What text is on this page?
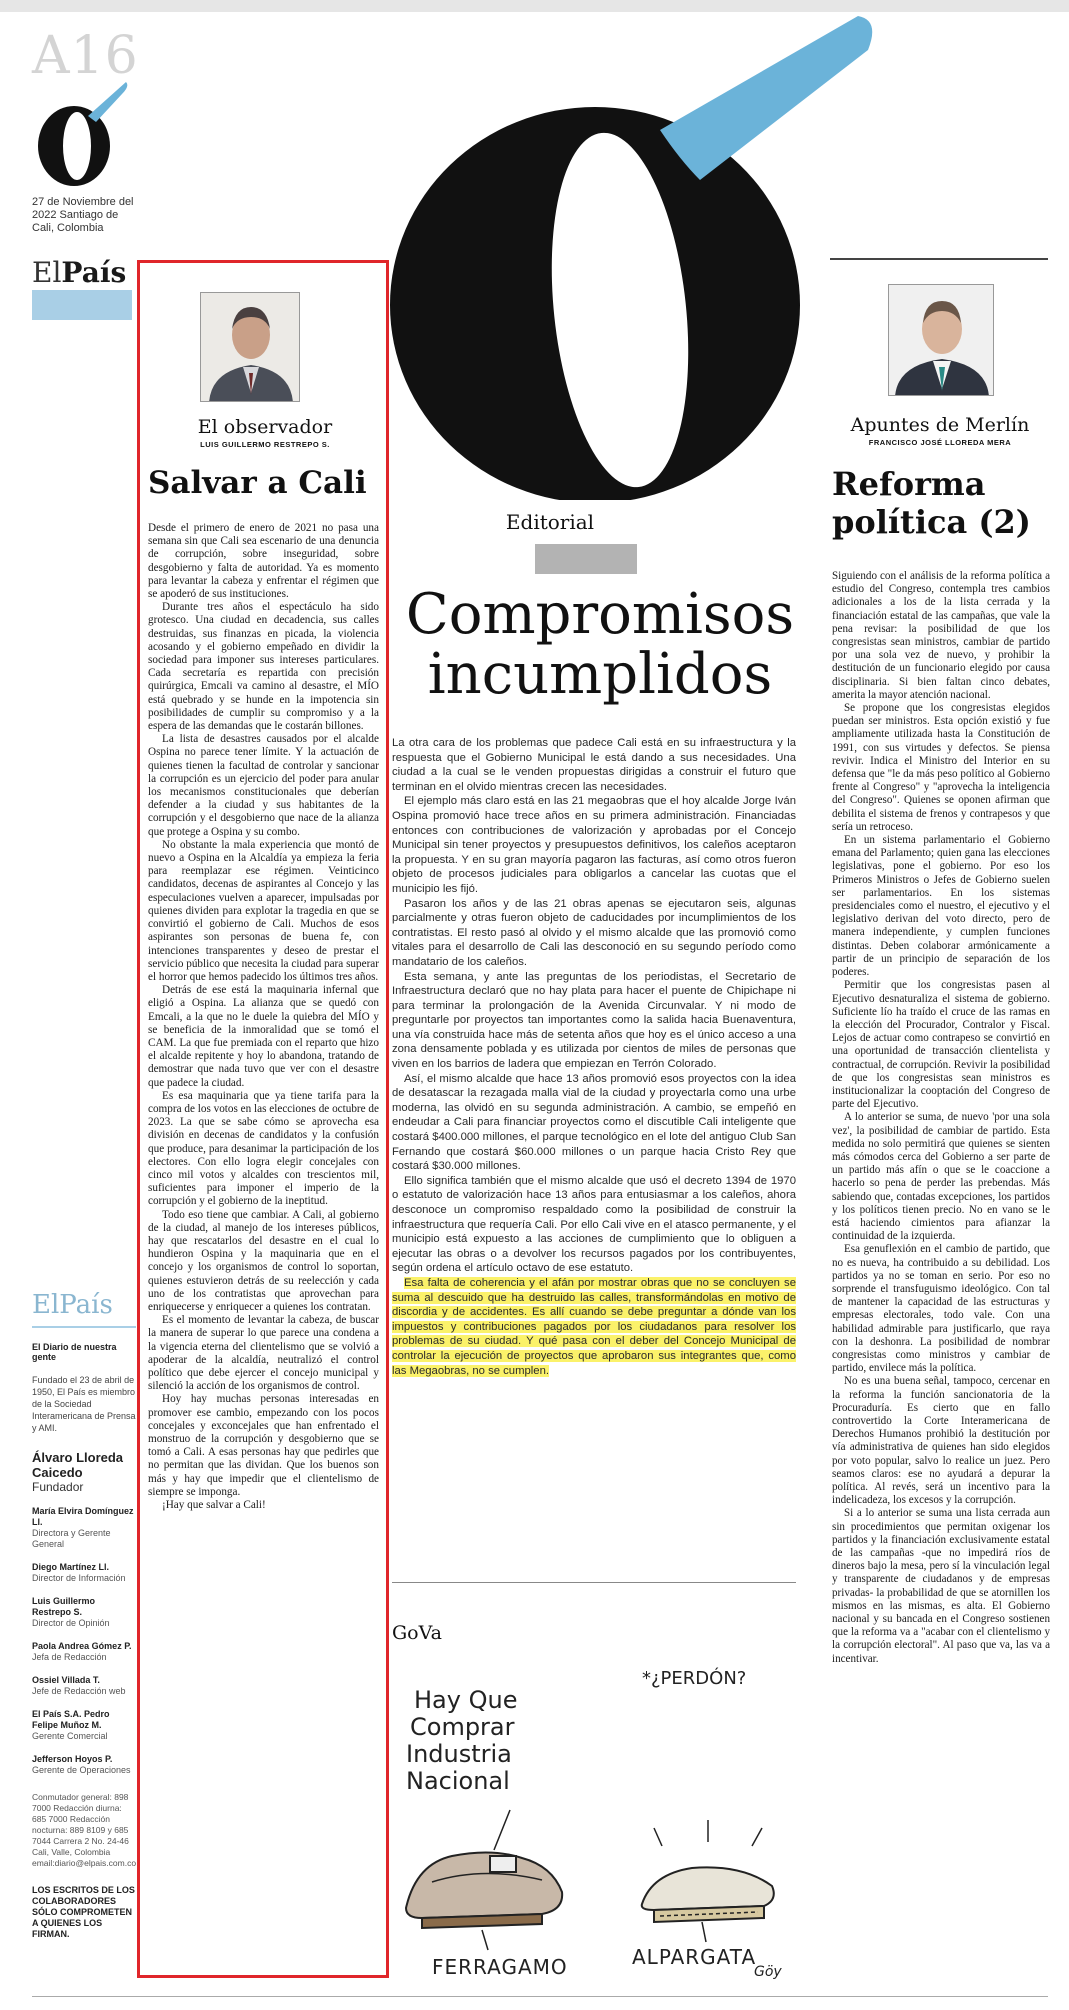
A16
27 de Noviembre del 2022 Santiago de Cali, Colombia
ElPaís
ElPaís
El Diario de nuestra gente
Fundado el 23 de abril de 1950, El País es miembro de la Sociedad Interamericana de Prensa y AMI.
Álvaro Lloreda Caicedo
Fundador
María Elvira Domínguez Ll.
Directora y Gerente General
Diego Martínez Ll.
Director de Información
Luis Guillermo Restrepo S.
Director de Opinión
Paola Andrea Gómez P.
Jefa de Redacción
Ossiel Villada T.
Jefe de Redacción web
El País S.A. Pedro Felipe Muñoz M.
Gerente Comercial
Jefferson Hoyos P.
Gerente de Operaciones
Conmutador general: 898 7000 Redacción diurna: 685 7000 Redacción nocturna: 889 8109 y 685 7044 Carrera 2 No. 24-46 Cali, Valle, Colombia email:diario@elpais.com.co
LOS ESCRITOS DE LOS COLABORADORES SÓLO COMPROMETEN A QUIENES LOS FIRMAN.
El observador
LUIS GUILLERMO RESTREPO S.
Salvar a Cali

Desde el primero de enero de 2021 no pasa una semana sin que Cali sea escenario de una denuncia de corrupción, sobre inseguridad, sobre desgobierno y falta de autoridad. Ya es momento para levantar la cabeza y enfrentar el régimen que se apoderó de sus instituciones.

Durante tres años el espectáculo ha sido grotesco. Una ciudad en decadencia, sus calles destruidas, sus finanzas en picada, la violencia acosando y el gobierno empeñado en dividir la sociedad para imponer sus intereses particulares. Cada secretaría es repartida con precisión quirúrgica, Emcali va camino al desastre, el MÍO está quebrado y se hunde en la impotencia sin posibilidades de cumplir su compromiso y a la espera de las demandas que le costarán billones.

La lista de desastres causados por el alcalde Ospina no parece tener límite. Y la actuación de quienes tienen la facultad de controlar y sancionar la corrupción es un ejercicio del poder para anular los mecanismos constitucionales que deberían defender a la ciudad y sus habitantes de la corrupción y el desgobierno que nace de la alianza que protege a Ospina y su combo.

No obstante la mala experiencia que montó de nuevo a Ospina en la Alcaldía ya empieza la feria para reemplazar ese régimen. Veinticinco candidatos, decenas de aspirantes al Concejo y las especulaciones vuelven a aparecer, impulsadas por quienes dividen para explotar la tragedia en que se convirtió el gobierno de Cali. Muchos de esos aspirantes son personas de buena fe, con intenciones transparentes y deseo de prestar el servicio público que necesita la ciudad para superar el horror que hemos padecido los últimos tres años.

Detrás de ese está la maquinaria infernal que eligió a Ospina. La alianza que se quedó con Emcali, a la que no le duele la quiebra del MÍO y se beneficia de la inmoralidad que se tomó el CAM. La que fue premiada con el reparto que hizo el alcalde repitente y hoy lo abandona, tratando de demostrar que nada tuvo que ver con el desastre que padece la ciudad.

Es esa maquinaria que ya tiene tarifa para la compra de los votos en las elecciones de octubre de 2023. La que se sabe cómo se aprovecha esa división en decenas de candidatos y la confusión que produce, para desanimar la participación de los electores. Con ello logra elegir concejales con cinco mil votos y alcaldes con trescientos mil, suficientes para imponer el imperio de la corrupción y el gobierno de la ineptitud.

Todo eso tiene que cambiar. A Cali, al gobierno de la ciudad, al manejo de los intereses públicos, hay que rescatarlos del desastre en el cual lo hundieron Ospina y la maquinaria que en el concejo y los organismos de control lo soportan, quienes estuvieron detrás de su reelección y cada uno de los contratistas que aprovechan para enriquecerse y enriquecer a quienes los contratan.

Es el momento de levantar la cabeza, de buscar la manera de superar lo que parece una condena a la vigencia eterna del clientelismo que se volvió a apoderar de la alcaldía, neutralizó el control político que debe ejercer el concejo municipal y silenció la acción de los organismos de control.

Hoy hay muchas personas interesadas en promover ese cambio, empezando con los pocos concejales y exconcejales que han enfrentado el monstruo de la corrupción y desgobierno que se tomó a Cali. A esas personas hay que pedirles que no permitan que las dividan. Que los buenos son más y hay que impedir que el clientelismo de siempre se imponga.

¡Hay que salvar a Cali!

Editorial
Compromisos
incumplidos

La otra cara de los problemas que padece Cali está en su infraestructura y la respuesta que el Gobierno Municipal le está dando a sus necesidades. Una ciudad a la cual se le venden propuestas dirigidas a construir el futuro que terminan en el olvido mientras crecen las necesidades.

El ejemplo más claro está en las 21 megaobras que el hoy alcalde Jorge Iván Ospina promovió hace trece años en su primera administración. Financiadas entonces con contribuciones de valorización y aprobadas por el Concejo Municipal sin tener proyectos y presupuestos definitivos, los caleños aceptaron la propuesta. Y en su gran mayoría pagaron las facturas, así como otros fueron objeto de procesos judiciales para obligarlos a cancelar las cuotas que el municipio les fijó.

Pasaron los años y de las 21 obras apenas se ejecutaron seis, algunas parcialmente y otras fueron objeto de caducidades por incumplimientos de los contratistas. El resto pasó al olvido y el mismo alcalde que las promovió como vitales para el desarrollo de Cali las desconoció en su segundo período como mandatario de los caleños.

Esta semana, y ante las preguntas de los periodistas, el Secretario de Infraestructura declaró que no hay plata para hacer el puente de Chipichape ni para terminar la prolongación de la Avenida Circunvalar. Y ni modo de preguntarle por proyectos tan importantes como la salida hacia Buenaventura, una vía construida hace más de setenta años que hoy es el único acceso a una zona densamente poblada y es utilizada por cientos de miles de personas que viven en los barrios de ladera que empiezan en Terrón Colorado.

Así, el mismo alcalde que hace 13 años promovió esos proyectos con la idea de desatascar la rezagada malla vial de la ciudad y proyectarla como una urbe moderna, las olvidó en su segunda administración. A cambio, se empeñó en endeudar a Cali para financiar proyectos como el discutible Cali inteligente que costará $400.000 millones, el parque tecnológico en el lote del antiguo Club San Fernando que costará $60.000 millones o un parque hacia Cristo Rey que costará $30.000 millones.

Ello significa también que el mismo alcalde que usó el decreto 1394 de 1970 o estatuto de valorización hace 13 años para entusiasmar a los caleños, ahora desconoce un compromiso respaldado como la posibilidad de construir la infraestructura que requería Cali. Por ello Cali vive en el atasco permanente, y el municipio está expuesto a las acciones de cumplimiento que lo obliguen a ejecutar las obras o a devolver los recursos pagados por los contribuyentes, según ordena el artículo octavo de ese estatuto.

Esa falta de coherencia y el afán por mostrar obras que no se concluyen se suma al descuido que ha destruido las calles, transformándolas en motivo de discordia y de accidentes. Es allí cuando se debe preguntar a dónde van los impuestos y contribuciones pagados por los ciudadanos para resolver los problemas de su ciudad. Y qué pasa con el deber del Concejo Municipal de controlar la ejecución de proyectos que aprobaron sus integrantes que, como las Megaobras, no se cumplen.

GoVa
Hay Que Comprar Industria Nacional
*¿PERDÓN?
FERRAGAMO	ALPARGATA
Göy
Apuntes de Merlín
FRANCISCO JOSÉ LLOREDA MERA
Reforma política (2)

Siguiendo con el análisis de la reforma política a estudio del Congreso, contempla tres cambios adicionales a los de la lista cerrada y la financiación estatal de las campañas, que vale la pena revisar: la posibilidad de que los congresistas sean ministros, cambiar de partido por una sola vez de nuevo, y prohibir la destitución de un funcionario elegido por causa disciplinaria. Si bien faltan cinco debates, amerita la mayor atención nacional.

Se propone que los congresistas elegidos puedan ser ministros. Esta opción existió y fue ampliamente utilizada hasta la Constitución de 1991, con sus virtudes y defectos. Se piensa revivir. Indica el Ministro del Interior en su defensa que "le da más peso político al Gobierno frente al Congreso" y "aprovecha la inteligencia del Congreso". Quienes se oponen afirman que debilita el sistema de frenos y contrapesos y que sería un retroceso.

En un sistema parlamentario el Gobierno emana del Parlamento; quien gana las elecciones legislativas, pone el gobierno. Por eso los Primeros Ministros o Jefes de Gobierno suelen ser parlamentarios. En los sistemas presidenciales como el nuestro, el ejecutivo y el legislativo derivan del voto directo, pero de manera independiente, y cumplen funciones distintas. Deben colaborar armónicamente a partir de un principio de separación de los poderes.

Permitir que los congresistas pasen al Ejecutivo desnaturaliza el sistema de gobierno. Suficiente lío ha traído el cruce de las ramas en la elección del Procurador, Contralor y Fiscal. Lejos de actuar como contrapeso se convirtió en una oportunidad de transacción clientelista y contractual, de corrupción. Revivir la posibilidad de que los congresistas sean ministros es institucionalizar la cooptación del Congreso de parte del Ejecutivo.

A lo anterior se suma, de nuevo 'por una sola vez', la posibilidad de cambiar de partido. Esta medida no solo permitirá que quienes se sienten más cómodos cerca del Gobierno a ser parte de un partido más afín o que se le coaccione a hacerlo so pena de perder las prebendas. Más sabiendo que, contadas excepciones, los partidos y los políticos tienen precio. No en vano se le está haciendo cimientos para afianzar la continuidad de la izquierda.

Esa genuflexión en el cambio de partido, que no es nueva, ha contribuido a su debilidad. Los partidos ya no se toman en serio. Por eso no sorprende el transfuguismo ideológico. Con tal de mantener la capacidad de las estructuras y empresas electorales, todo vale. Con una habilidad admirable para justificarlo, que raya con la deshonra. La posibilidad de nombrar congresistas como ministros y cambiar de partido, envilece más la política.

No es una buena señal, tampoco, cercenar en la reforma la función sancionatoria de la Procuraduría. Es cierto que en fallo controvertido la Corte Interamericana de Derechos Humanos prohibió la destitución por vía administrativa de quienes han sido elegidos por voto popular, salvo lo realice un juez. Pero seamos claros: ese no ayudará a depurar la política. Al revés, será un incentivo para la indelicadeza, los excesos y la corrupción.

Si a lo anterior se suma una lista cerrada aun sin procedimientos que permitan oxigenar los partidos y la financiación exclusivamente estatal de las campañas -que no impedirá ríos de dineros bajo la mesa, pero sí la vinculación legal y transparente de ciudadanos y de empresas privadas- la probabilidad de que se atornillen los mismos en las mismas, es alta. El Gobierno nacional y su bancada en el Congreso sostienen que la reforma va a "acabar con el clientelismo y la corrupción electoral". Al paso que va, las va a incentivar.
